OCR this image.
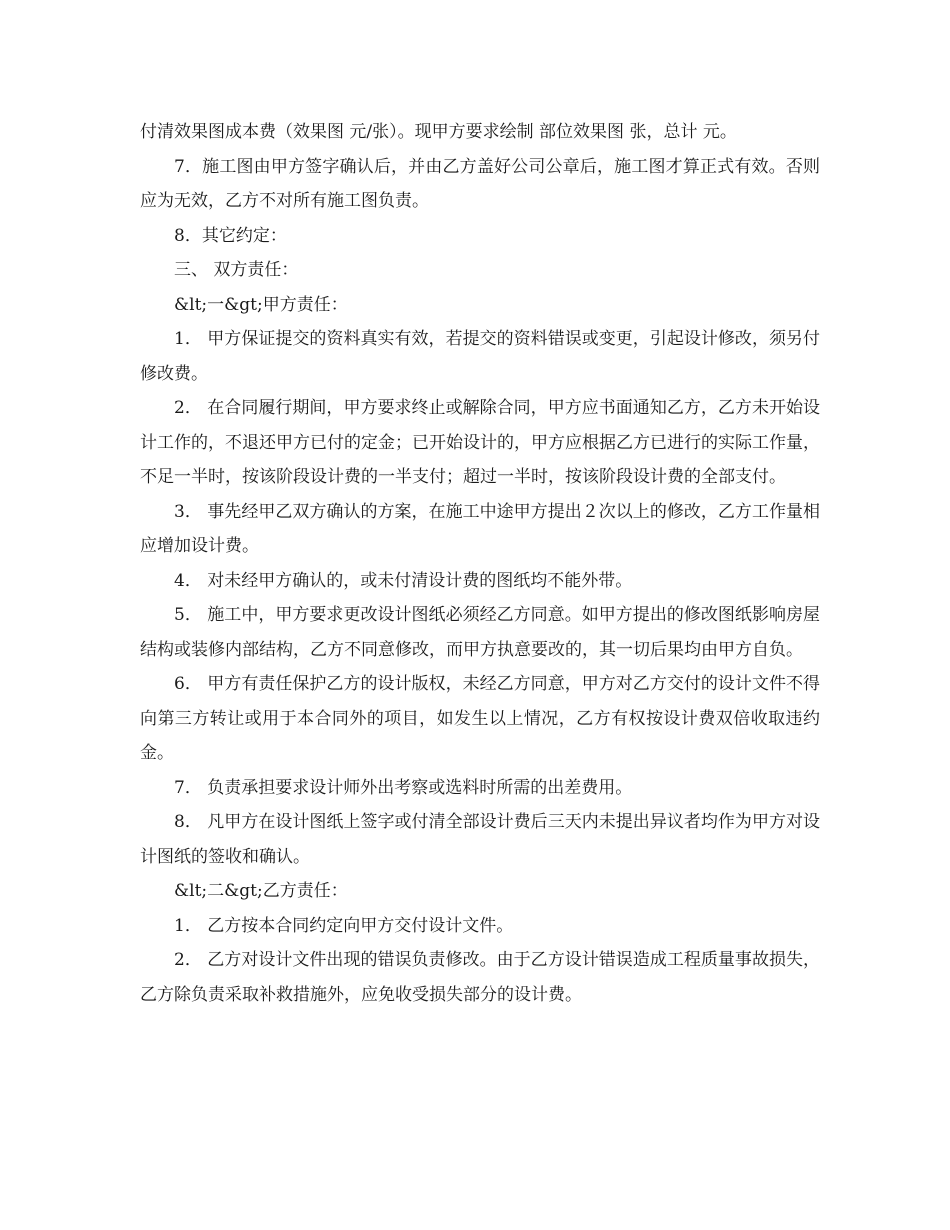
付清效果图成本费（效果图 元/张）。现甲方要求绘制 部位效果图 张，总计 元。

7．施工图由甲方签字确认后，并由乙方盖好公司公章后，施工图才算正式有效。否则应为无效，乙方不对所有施工图负责。

8．其它约定：

三、 双方责任：

&lt;一&gt;甲方责任：

1． 甲方保证提交的资料真实有效，若提交的资料错误或变更，引起设计修改，须另付修改费。

2． 在合同履行期间，甲方要求终止或解除合同，甲方应书面通知乙方，乙方未开始设计工作的，不退还甲方已付的定金；已开始设计的，甲方应根据乙方已进行的实际工作量，不足一半时，按该阶段设计费的一半支付；超过一半时，按该阶段设计费的全部支付。

3． 事先经甲乙双方确认的方案，在施工中途甲方提出２次以上的修改，乙方工作量相应增加设计费。

4． 对未经甲方确认的，或未付清设计费的图纸均不能外带。

5． 施工中，甲方要求更改设计图纸必须经乙方同意。如甲方提出的修改图纸影响房屋结构或装修内部结构，乙方不同意修改，而甲方执意要改的，其一切后果均由甲方自负。

6． 甲方有责任保护乙方的设计版权，未经乙方同意，甲方对乙方交付的设计文件不得向第三方转让或用于本合同外的项目，如发生以上情况，乙方有权按设计费双倍收取违约金。

7． 负责承担要求设计师外出考察或选料时所需的出差费用。

8． 凡甲方在设计图纸上签字或付清全部设计费后三天内未提出异议者均作为甲方对设计图纸的签收和确认。

&lt;二&gt;乙方责任：

1． 乙方按本合同约定向甲方交付设计文件。

2． 乙方对设计文件出现的错误负责修改。由于乙方设计错误造成工程质量事故损失，乙方除负责采取补救措施外，应免收受损失部分的设计费。
